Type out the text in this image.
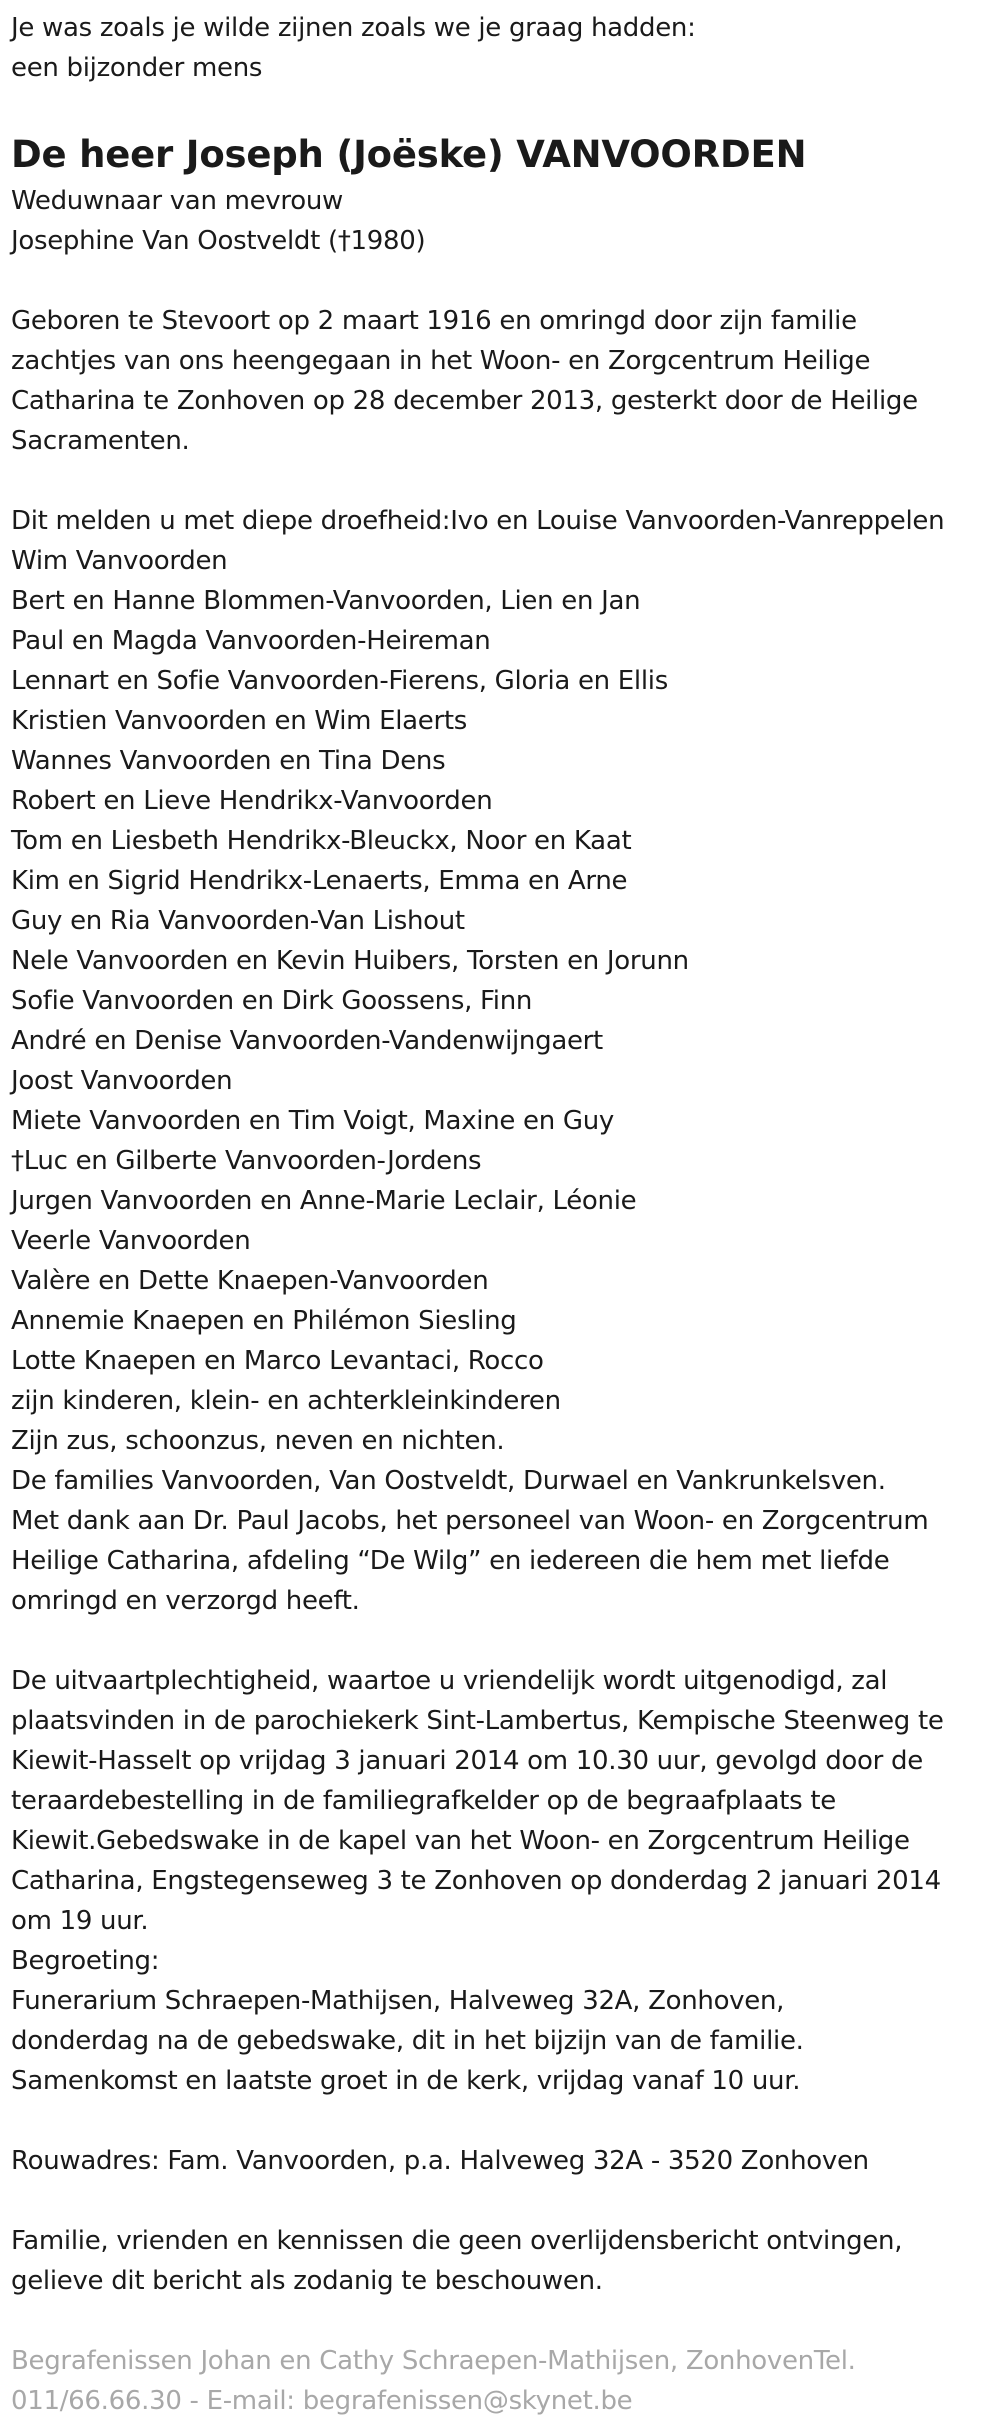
Je was zoals je wilde zijnen zoals we je graag hadden:
een bijzonder mens
De heer Joseph (Joëske) VANVOORDEN
Weduwnaar van mevrouw
Josephine Van Oostveldt (†1980)
Geboren te Stevoort op 2 maart 1916 en omringd door zijn familie
zachtjes van ons heengegaan in het Woon- en Zorgcentrum Heilige
Catharina te Zonhoven op 28 december 2013, gesterkt door de Heilige
Sacramenten.
Dit melden u met diepe droefheid:Ivo en Louise Vanvoorden-Vanreppelen
Wim Vanvoorden
Bert en Hanne Blommen-Vanvoorden, Lien en Jan
Paul en Magda Vanvoorden-Heireman
Lennart en Sofie Vanvoorden-Fierens, Gloria en Ellis
Kristien Vanvoorden en Wim Elaerts
Wannes Vanvoorden en Tina Dens
Robert en Lieve Hendrikx-Vanvoorden
Tom en Liesbeth Hendrikx-Bleuckx, Noor en Kaat
Kim en Sigrid Hendrikx-Lenaerts, Emma en Arne
Guy en Ria Vanvoorden-Van Lishout
Nele Vanvoorden en Kevin Huibers, Torsten en Jorunn
Sofie Vanvoorden en Dirk Goossens, Finn
André en Denise Vanvoorden-Vandenwijngaert
Joost Vanvoorden
Miete Vanvoorden en Tim Voigt, Maxine en Guy
†Luc en Gilberte Vanvoorden-Jordens
Jurgen Vanvoorden en Anne-Marie Leclair, Léonie
Veerle Vanvoorden
Valère en Dette Knaepen-Vanvoorden
Annemie Knaepen en Philémon Siesling
Lotte Knaepen en Marco Levantaci, Rocco
zijn kinderen, klein- en achterkleinkinderen
Zijn zus, schoonzus, neven en nichten.
De families Vanvoorden, Van Oostveldt, Durwael en Vankrunkelsven.
Met dank aan Dr. Paul Jacobs, het personeel van Woon- en Zorgcentrum
Heilige Catharina, afdeling “De Wilg” en iedereen die hem met liefde
omringd en verzorgd heeft.
De uitvaartplechtigheid, waartoe u vriendelijk wordt uitgenodigd, zal
plaatsvinden in de parochiekerk Sint-Lambertus, Kempische Steenweg te
Kiewit-Hasselt op vrijdag 3 januari 2014 om 10.30 uur, gevolgd door de
teraardebestelling in de familiegrafkelder op de begraafplaats te
Kiewit.Gebedswake in de kapel van het Woon- en Zorgcentrum Heilige
Catharina, Engstegenseweg 3 te Zonhoven op donderdag 2 januari 2014
om 19 uur.
Begroeting:
Funerarium Schraepen-Mathijsen, Halveweg 32A, Zonhoven,
donderdag na de gebedswake, dit in het bijzijn van de familie.
Samenkomst en laatste groet in de kerk, vrijdag vanaf 10 uur.
Rouwadres: Fam. Vanvoorden, p.a. Halveweg 32A - 3520 Zonhoven
Familie, vrienden en kennissen die geen overlijdensbericht ontvingen,
gelieve dit bericht als zodanig te beschouwen.
Begrafenissen Johan en Cathy Schraepen-Mathijsen, ZonhovenTel.
011/66.66.30 - E-mail: begrafenissen@skynet.be
